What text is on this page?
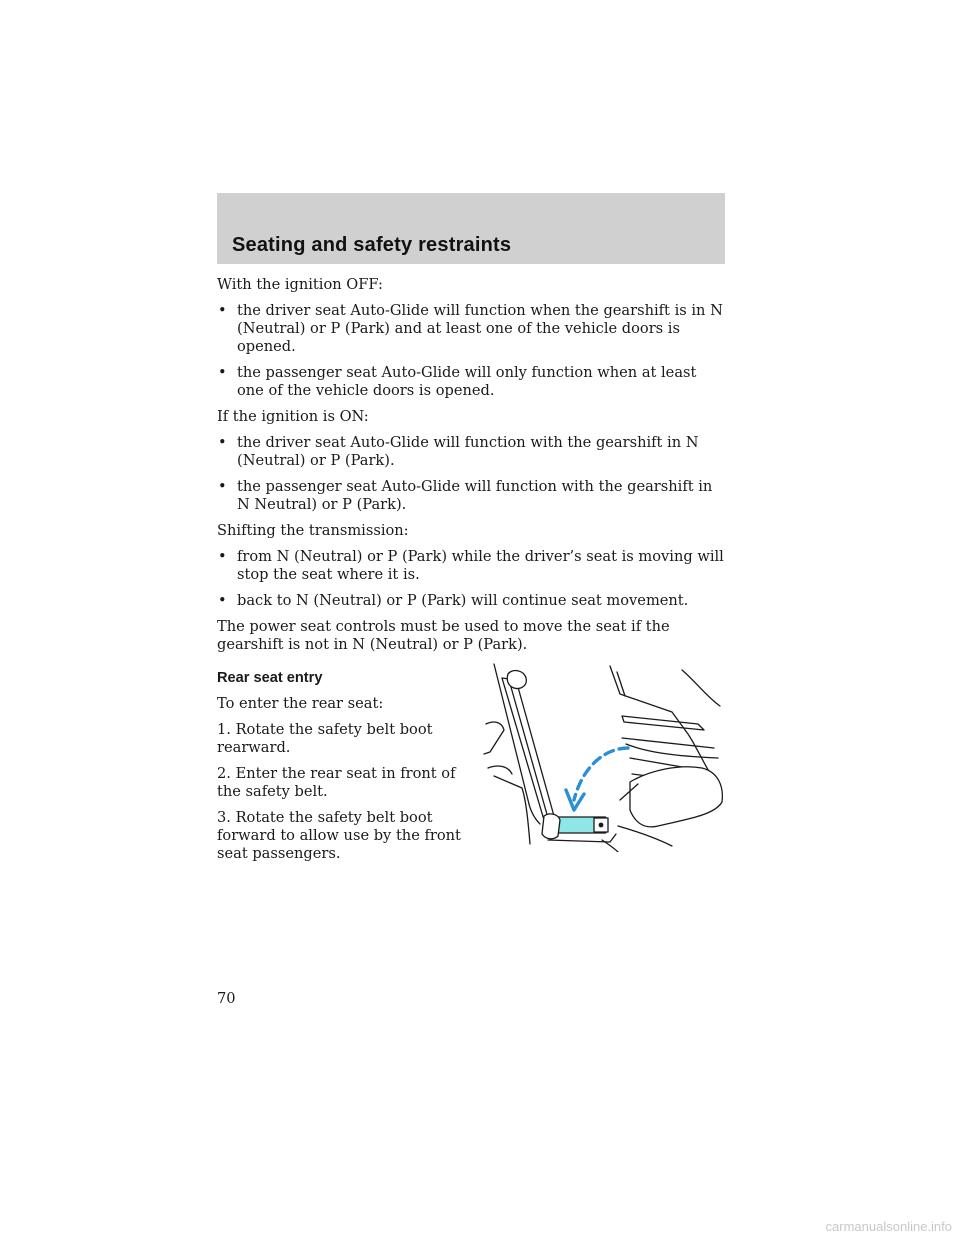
Seating and safety restraints

With the ignition OFF:

• the driver seat Auto-Glide will function when the gearshift is in N (Neutral) or P (Park) and at least one of the vehicle doors is opened.
• the passenger seat Auto-Glide will only function when at least one of the vehicle doors is opened.

If the ignition is ON:

• the driver seat Auto-Glide will function with the gearshift in N (Neutral) or P (Park).
• the passenger seat Auto-Glide will function with the gearshift in N Neutral) or P (Park).

Shifting the transmission:

• from N (Neutral) or P (Park) while the driver’s seat is moving will stop the seat where it is.
• back to N (Neutral) or P (Park) will continue seat movement.

The power seat controls must be used to move the seat if the gearshift is not in N (Neutral) or P (Park).

Rear seat entry

To enter the rear seat:

1. Rotate the safety belt boot rearward.

2. Enter the rear seat in front of the safety belt.

3. Rotate the safety belt boot forward to allow use by the front seat passengers.

70
carmanualsonline.info
